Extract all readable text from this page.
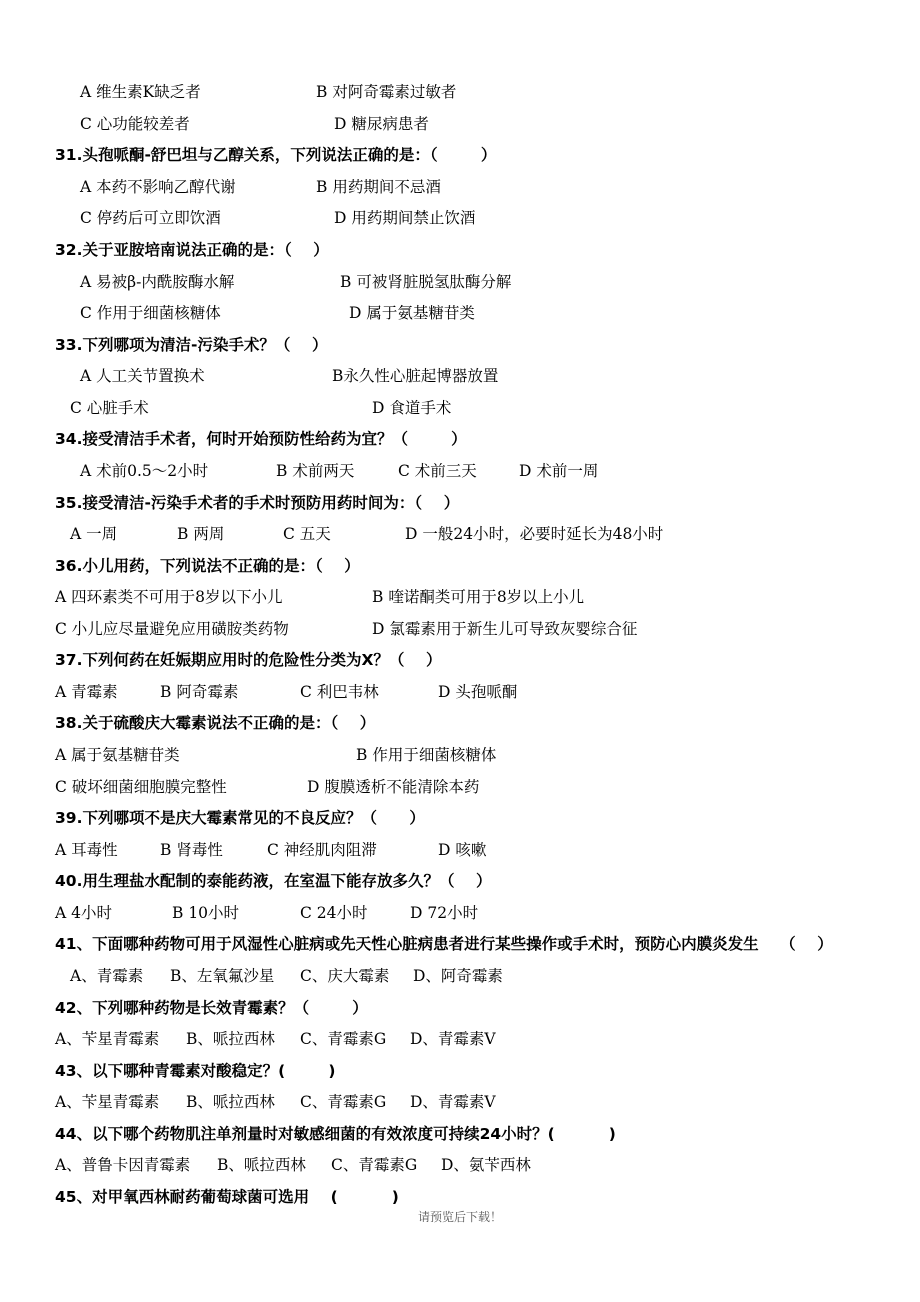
A 维生素K缺乏者	B 对阿奇霉素过敏者
C 心功能较差者	D 糖尿病患者
31.头孢哌酮-舒巴坦与乙醇关系，下列说法正确的是：（        ）
A 本药不影响乙醇代谢	B 用药期间不忌酒
C 停药后可立即饮酒	D 用药期间禁止饮酒
32.关于亚胺培南说法正确的是：（    ）
A 易被β-内酰胺酶水解	B 可被肾脏脱氢肽酶分解
C 作用于细菌核糖体	D 属于氨基糖苷类
33.下列哪项为清洁-污染手术？（    ）
A 人工关节置换术	B永久性心脏起博器放置
C 心脏手术	D 食道手术
34.接受清洁手术者，何时开始预防性给药为宜？（        ）
A 术前0.5～2小时	B 术前两天	C 术前三天	D 术前一周
35.接受清洁-污染手术者的手术时预防用药时间为：（    ）
A 一周	B 两周	C 五天	D 一般24小时，必要时延长为48小时
36.小儿用药，下列说法不正确的是：（    ）
A 四环素类不可用于8岁以下小儿	B 喹诺酮类可用于8岁以上小儿
C 小儿应尽量避免应用磺胺类药物	D 氯霉素用于新生儿可导致灰婴综合征
37.下列何药在妊娠期应用时的危险性分类为X？（    ）
A 青霉素	B 阿奇霉素	C 利巴韦林	D 头孢哌酮
38.关于硫酸庆大霉素说法不正确的是：（    ）
A 属于氨基糖苷类	B 作用于细菌核糖体
C 破坏细菌细胞膜完整性	D 腹膜透析不能清除本药
39.下列哪项不是庆大霉素常见的不良反应？（      ）
A 耳毒性	B 肾毒性	C 神经肌肉阻滞	D 咳嗽
40.用生理盐水配制的泰能药液，在室温下能存放多久？（    ）
A 4小时	B 10小时	C 24小时	D 72小时
41、下面哪种药物可用于风湿性心脏病或先天性心脏病患者进行某些操作或手术时，预防心内膜炎发生    （    ）
A、青霉素 B、左氧氟沙星 C、庆大霉素 D、阿奇霉素
42、下列哪种药物是长效青霉素？（        ）
A、苄星青霉素 B、哌拉西林 C、青霉素G D、青霉素V
43、以下哪种青霉素对酸稳定？(        )
A、苄星青霉素 B、哌拉西林 C、青霉素G D、青霉素V
44、以下哪个药物肌注单剂量时对敏感细菌的有效浓度可持续24小时？(          )
A、普鲁卡因青霉素 B、哌拉西林 C、青霉素G D、氨苄西林
45、对甲氧西林耐药葡萄球菌可选用    (          )
请预览后下载！
